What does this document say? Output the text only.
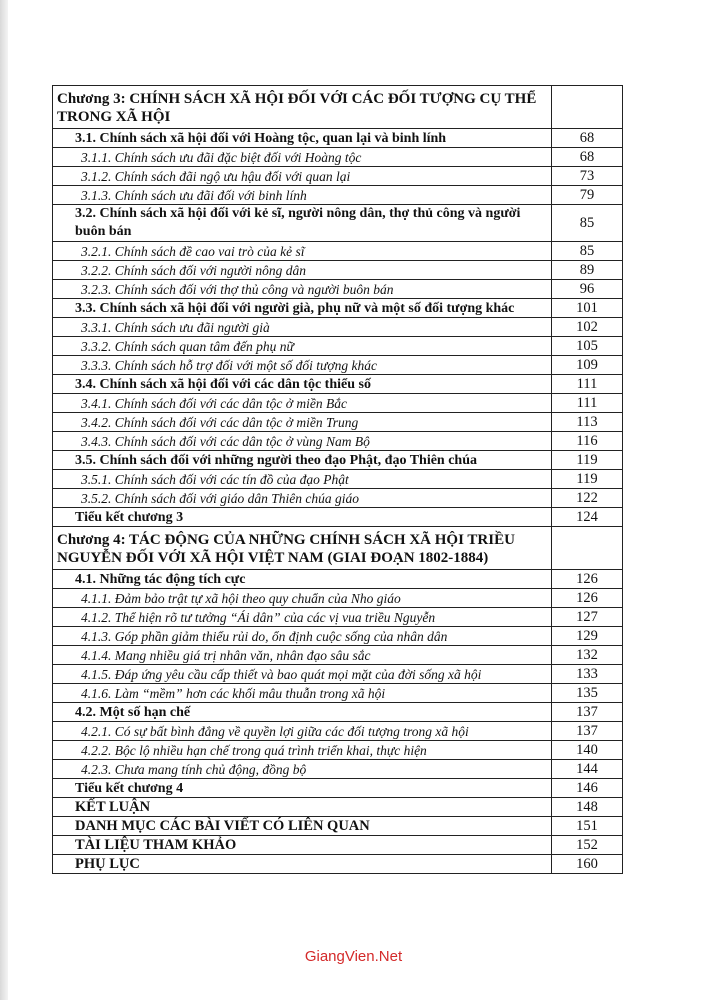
Chương 3: CHÍNH SÁCH XÃ HỘI ĐỐI VỚI CÁC ĐỐI TƯỢNG CỤ THỂ TRONG XÃ HỘI	
3.1. Chính sách xã hội đối với Hoàng tộc, quan lại và binh lính	68
3.1.1. Chính sách ưu đãi đặc biệt đối với Hoàng tộc	68
3.1.2. Chính sách đãi ngộ ưu hậu đối với quan lại	73
3.1.3. Chính sách ưu đãi đối với binh lính	79
3.2. Chính sách xã hội đối với kẻ sĩ, người nông dân, thợ thủ công và người buôn bán	85
3.2.1. Chính sách đề cao vai trò của kẻ sĩ	85
3.2.2. Chính sách đối với người nông dân	89
3.2.3. Chính sách đối với thợ thủ công và người buôn bán	96
3.3. Chính sách xã hội đối với người già, phụ nữ và một số đối tượng khác	101
3.3.1. Chính sách ưu đãi người già	102
3.3.2. Chính sách quan tâm đến phụ nữ	105
3.3.3. Chính sách hỗ trợ đối với một số đối tượng khác	109
3.4. Chính sách xã hội đối với các dân tộc thiểu số	111
3.4.1. Chính sách đối với các dân tộc ở miền Bắc	111
3.4.2. Chính sách đối với các dân tộc ở miền Trung	113
3.4.3. Chính sách đối với các dân tộc ở vùng Nam Bộ	116
3.5. Chính sách đối với những người theo đạo Phật, đạo Thiên chúa	119
3.5.1. Chính sách đối với các tín đồ của đạo Phật	119
3.5.2. Chính sách đối với giáo dân Thiên chúa giáo	122
Tiểu kết chương 3	124
Chương 4: TÁC ĐỘNG CỦA NHỮNG CHÍNH SÁCH XÃ HỘI TRIỀU NGUYỄN ĐỐI VỚI XÃ HỘI VIỆT NAM (GIAI ĐOẠN 1802-1884)	
4.1. Những tác động tích cực	126
4.1.1. Đảm bảo trật tự xã hội theo quy chuẩn của Nho giáo	126
4.1.2. Thể hiện rõ tư tưởng “Ái dân” của các vị vua triều Nguyễn	127
4.1.3. Góp phần giảm thiểu rủi do, ổn định cuộc sống của nhân dân	129
4.1.4. Mang nhiều giá trị nhân văn, nhân đạo sâu sắc	132
4.1.5. Đáp ứng yêu cầu cấp thiết và bao quát mọi mặt của đời sống xã hội	133
4.1.6. Làm “mềm” hơn các khối mâu thuẫn trong xã hội	135
4.2. Một số hạn chế	137
4.2.1. Có sự bất bình đẳng về quyền lợi giữa các đối tượng trong xã hội	137
4.2.2. Bộc lộ nhiều hạn chế trong quá trình triển khai, thực hiện	140
4.2.3. Chưa mang tính chủ động, đồng bộ	144
Tiểu kết chương 4	146
KẾT LUẬN	148
DANH MỤC CÁC BÀI VIẾT CÓ LIÊN QUAN	151
TÀI LIỆU THAM KHẢO	152
PHỤ LỤC	160
GiangVien.Net
